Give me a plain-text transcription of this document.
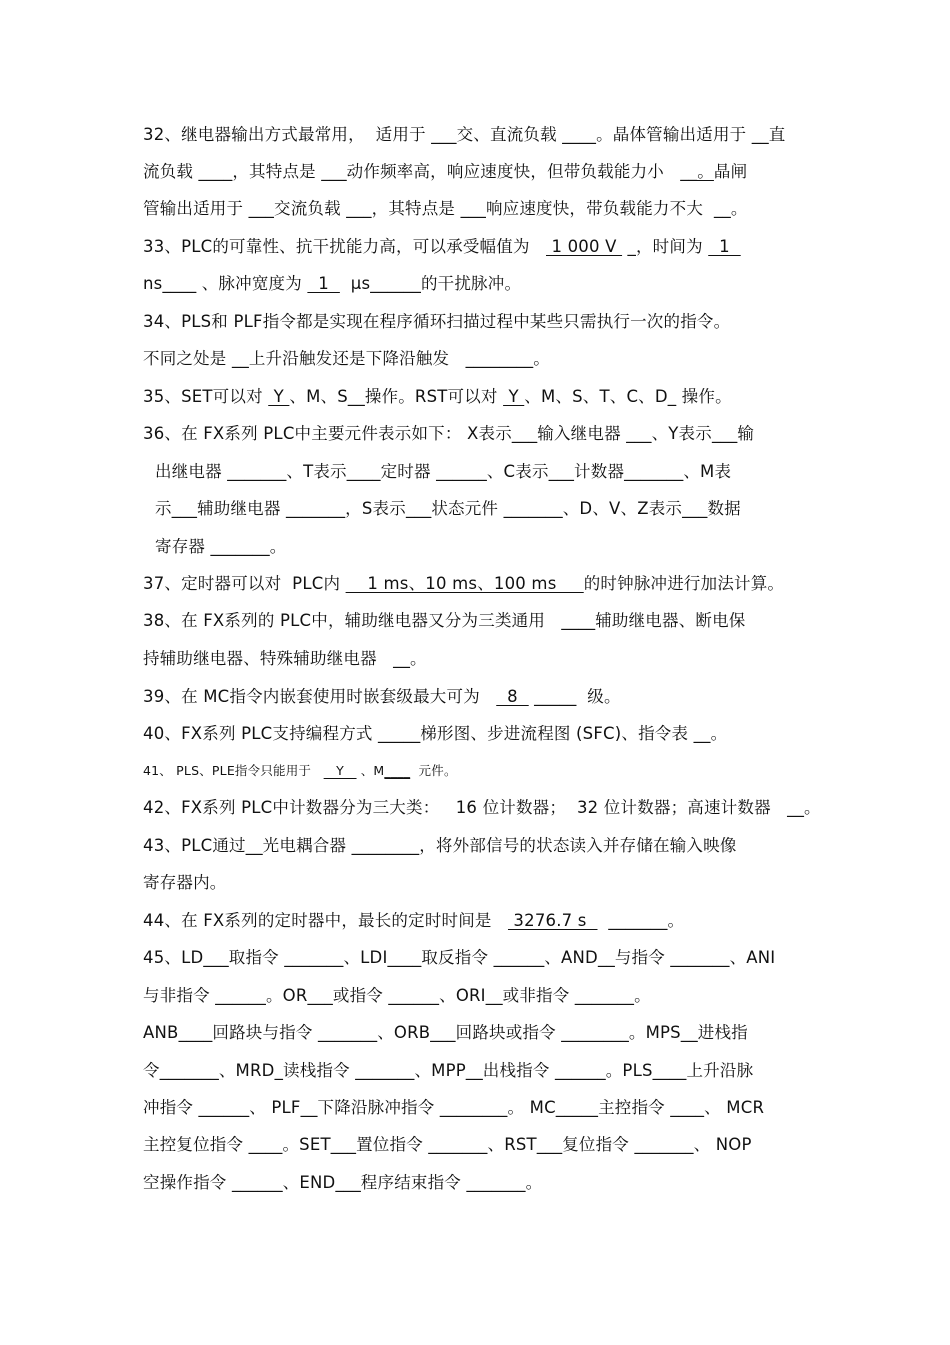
32、继电器输出方式最常用，  适用于 ___交、直流负载 ____。晶体管输出适用于 __直
流负载 ____，其特点是 ___动作频率高，响应速度快，但带负载能力小   __。晶闸
管输出适用于 ___交流负载 ___，其特点是 ___响应速度快，带负载能力不大  __。
33、PLC的可靠性、抗干扰能力高，可以承受幅值为    1 000 V  _，时间为   1
ns____ 、脉冲宽度为   1    μs______的干扰脉冲。
34、PLS和 PLF指令都是实现在程序循环扫描过程中某些只需执行一次的指令。
不同之处是 __上升沿触发还是下降沿触发   ________。
35、SET可以对  Y 、M、S__操作。RST可以对  Y 、M、S、T、C、D_ 操作。
36、在 FX系列 PLC中主要元件表示如下： X表示___输入继电器 ___、Y表示___输
出继电器 _______、T表示____定时器 ______、C表示___计数器_______、M表
示___辅助继电器 _______，S表示___状态元件 _______、D、V、Z表示___数据
寄存器 _______。
37、定时器可以对  PLC内     1 ms、10 ms、100 ms     的时钟脉冲进行加法计算。
38、在 FX系列的 PLC中，辅助继电器又分为三类通用   ____辅助继电器、断电保
持辅助继电器、特殊辅助继电器   __。
39、在 MC指令内嵌套使用时嵌套级最大可为     8   _____  级。
40、FX系列 PLC支持编程方式 _____梯形图、步进流程图 (SFC)、指令表 __。
41、 PLS、PLE指令只能用于      Y    、M____  元件。
42、FX系列 PLC中计数器分为三大类：   16 位计数器；  32 位计数器；高速计数器   __。
43、PLC通过__光电耦合器 ________，将外部信号的状态读入并存储在输入映像
寄存器内。
44、在 FX系列的定时器中，最长的定时时间是    3276.7 s    _______。
45、LD___取指令 _______、LDI____取反指令 ______、AND__与指令 _______、ANI
与非指令 ______。OR___或指令 ______、ORI__或非指令 _______。
ANB____回路块与指令 _______、ORB___回路块或指令 ________。MPS__进栈指
令_______、MRD_读栈指令 _______、MPP__出栈指令 ______。PLS____上升沿脉
冲指令 ______、 PLF__下降沿脉冲指令 ________。 MC_____主控指令 ____、 MCR
主控复位指令 ____。SET___置位指令 _______、RST___复位指令 _______、 NOP
空操作指令 ______、END___程序结束指令 _______。
